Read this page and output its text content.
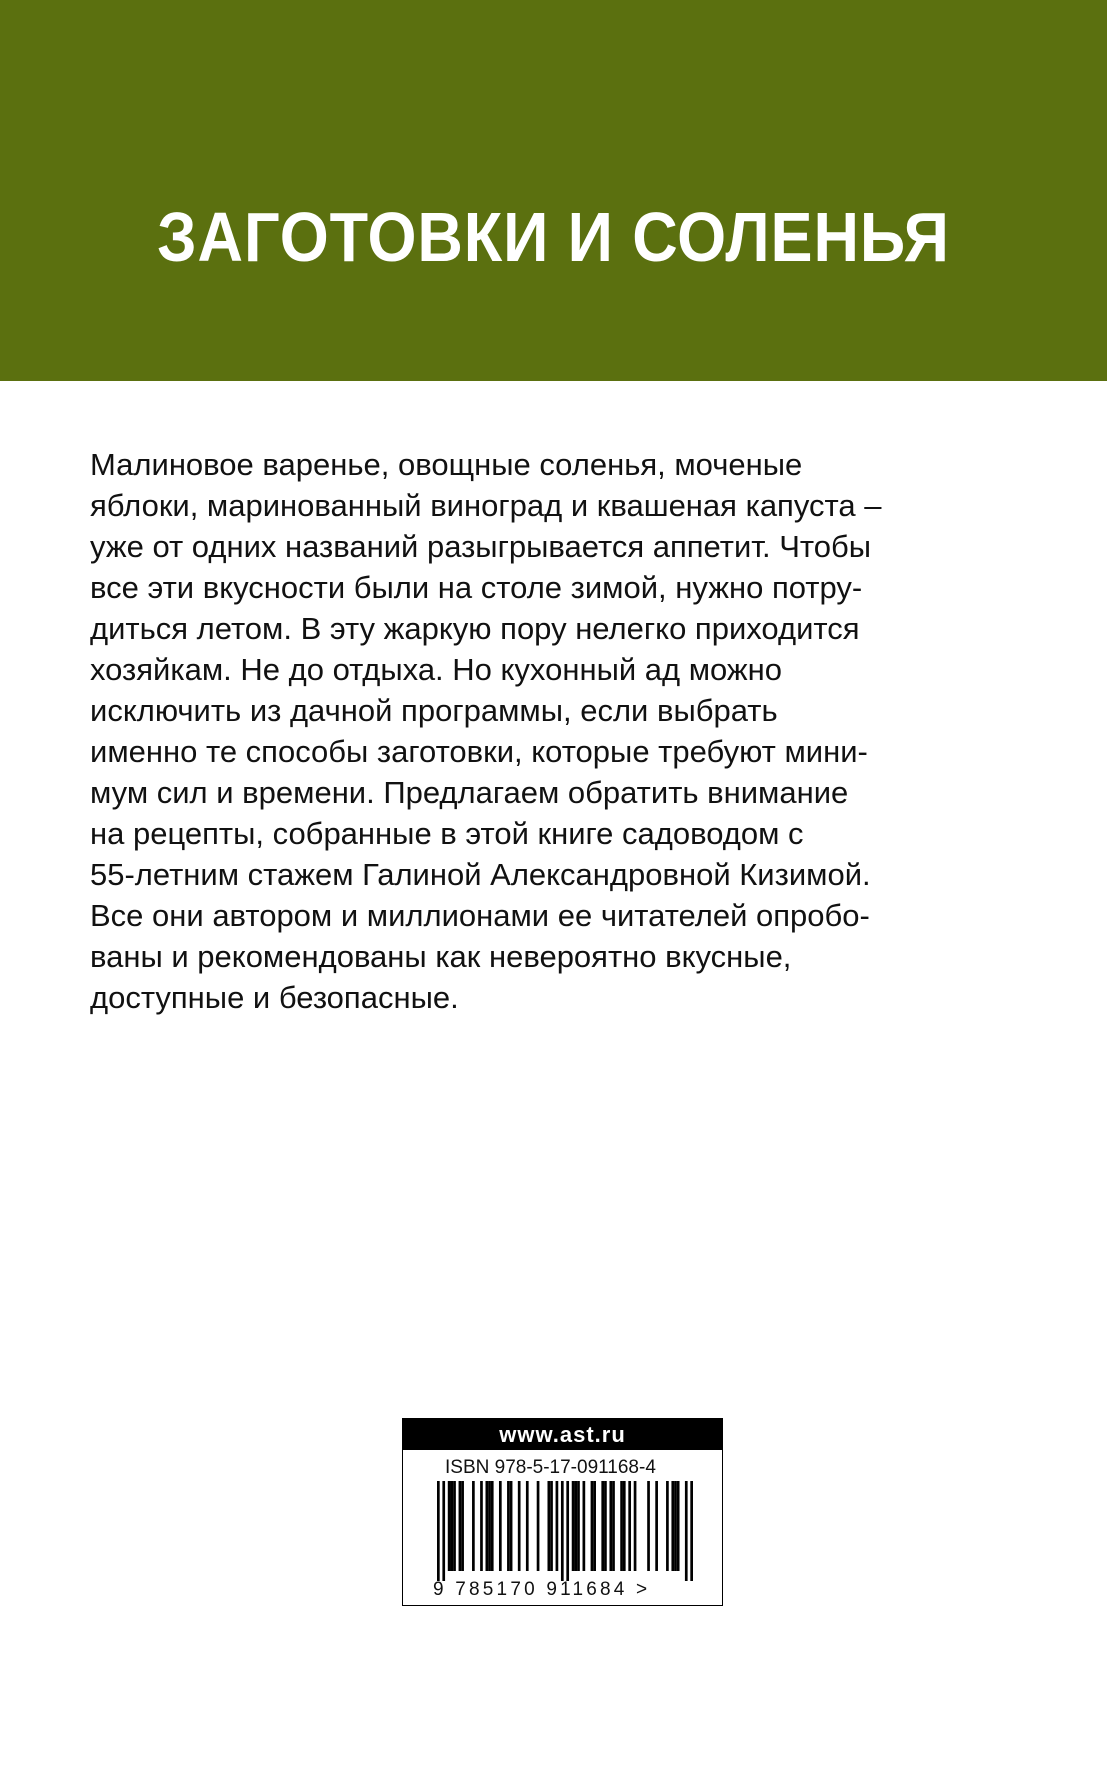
ЗАГОТОВКИ И СОЛЕНЬЯ
Малиновое варенье, овощные соленья, моченые
яблоки, маринованный виноград и квашеная капуста –
уже от одних названий разыгрывается аппетит. Чтобы
все эти вкусности были на столе зимой, нужно потру-
диться летом. В эту жаркую пору нелегко приходится
хозяйкам. Не до отдыха. Но кухонный ад можно
исключить из дачной программы, если выбрать
именно те способы заготовки, которые требуют мини-
мум сил и времени. Предлагаем обратить внимание
на рецепты, собранные в этой книге садоводом с
55-летним стажем Галиной Александровной Кизимой.
Все они автором и миллионами ее читателей опробо-
ваны и рекомендованы как невероятно вкусные,
доступные и безопасные.
www.ast.ru
ISBN 978-5-17-091168-4
9 785170 911684 >
